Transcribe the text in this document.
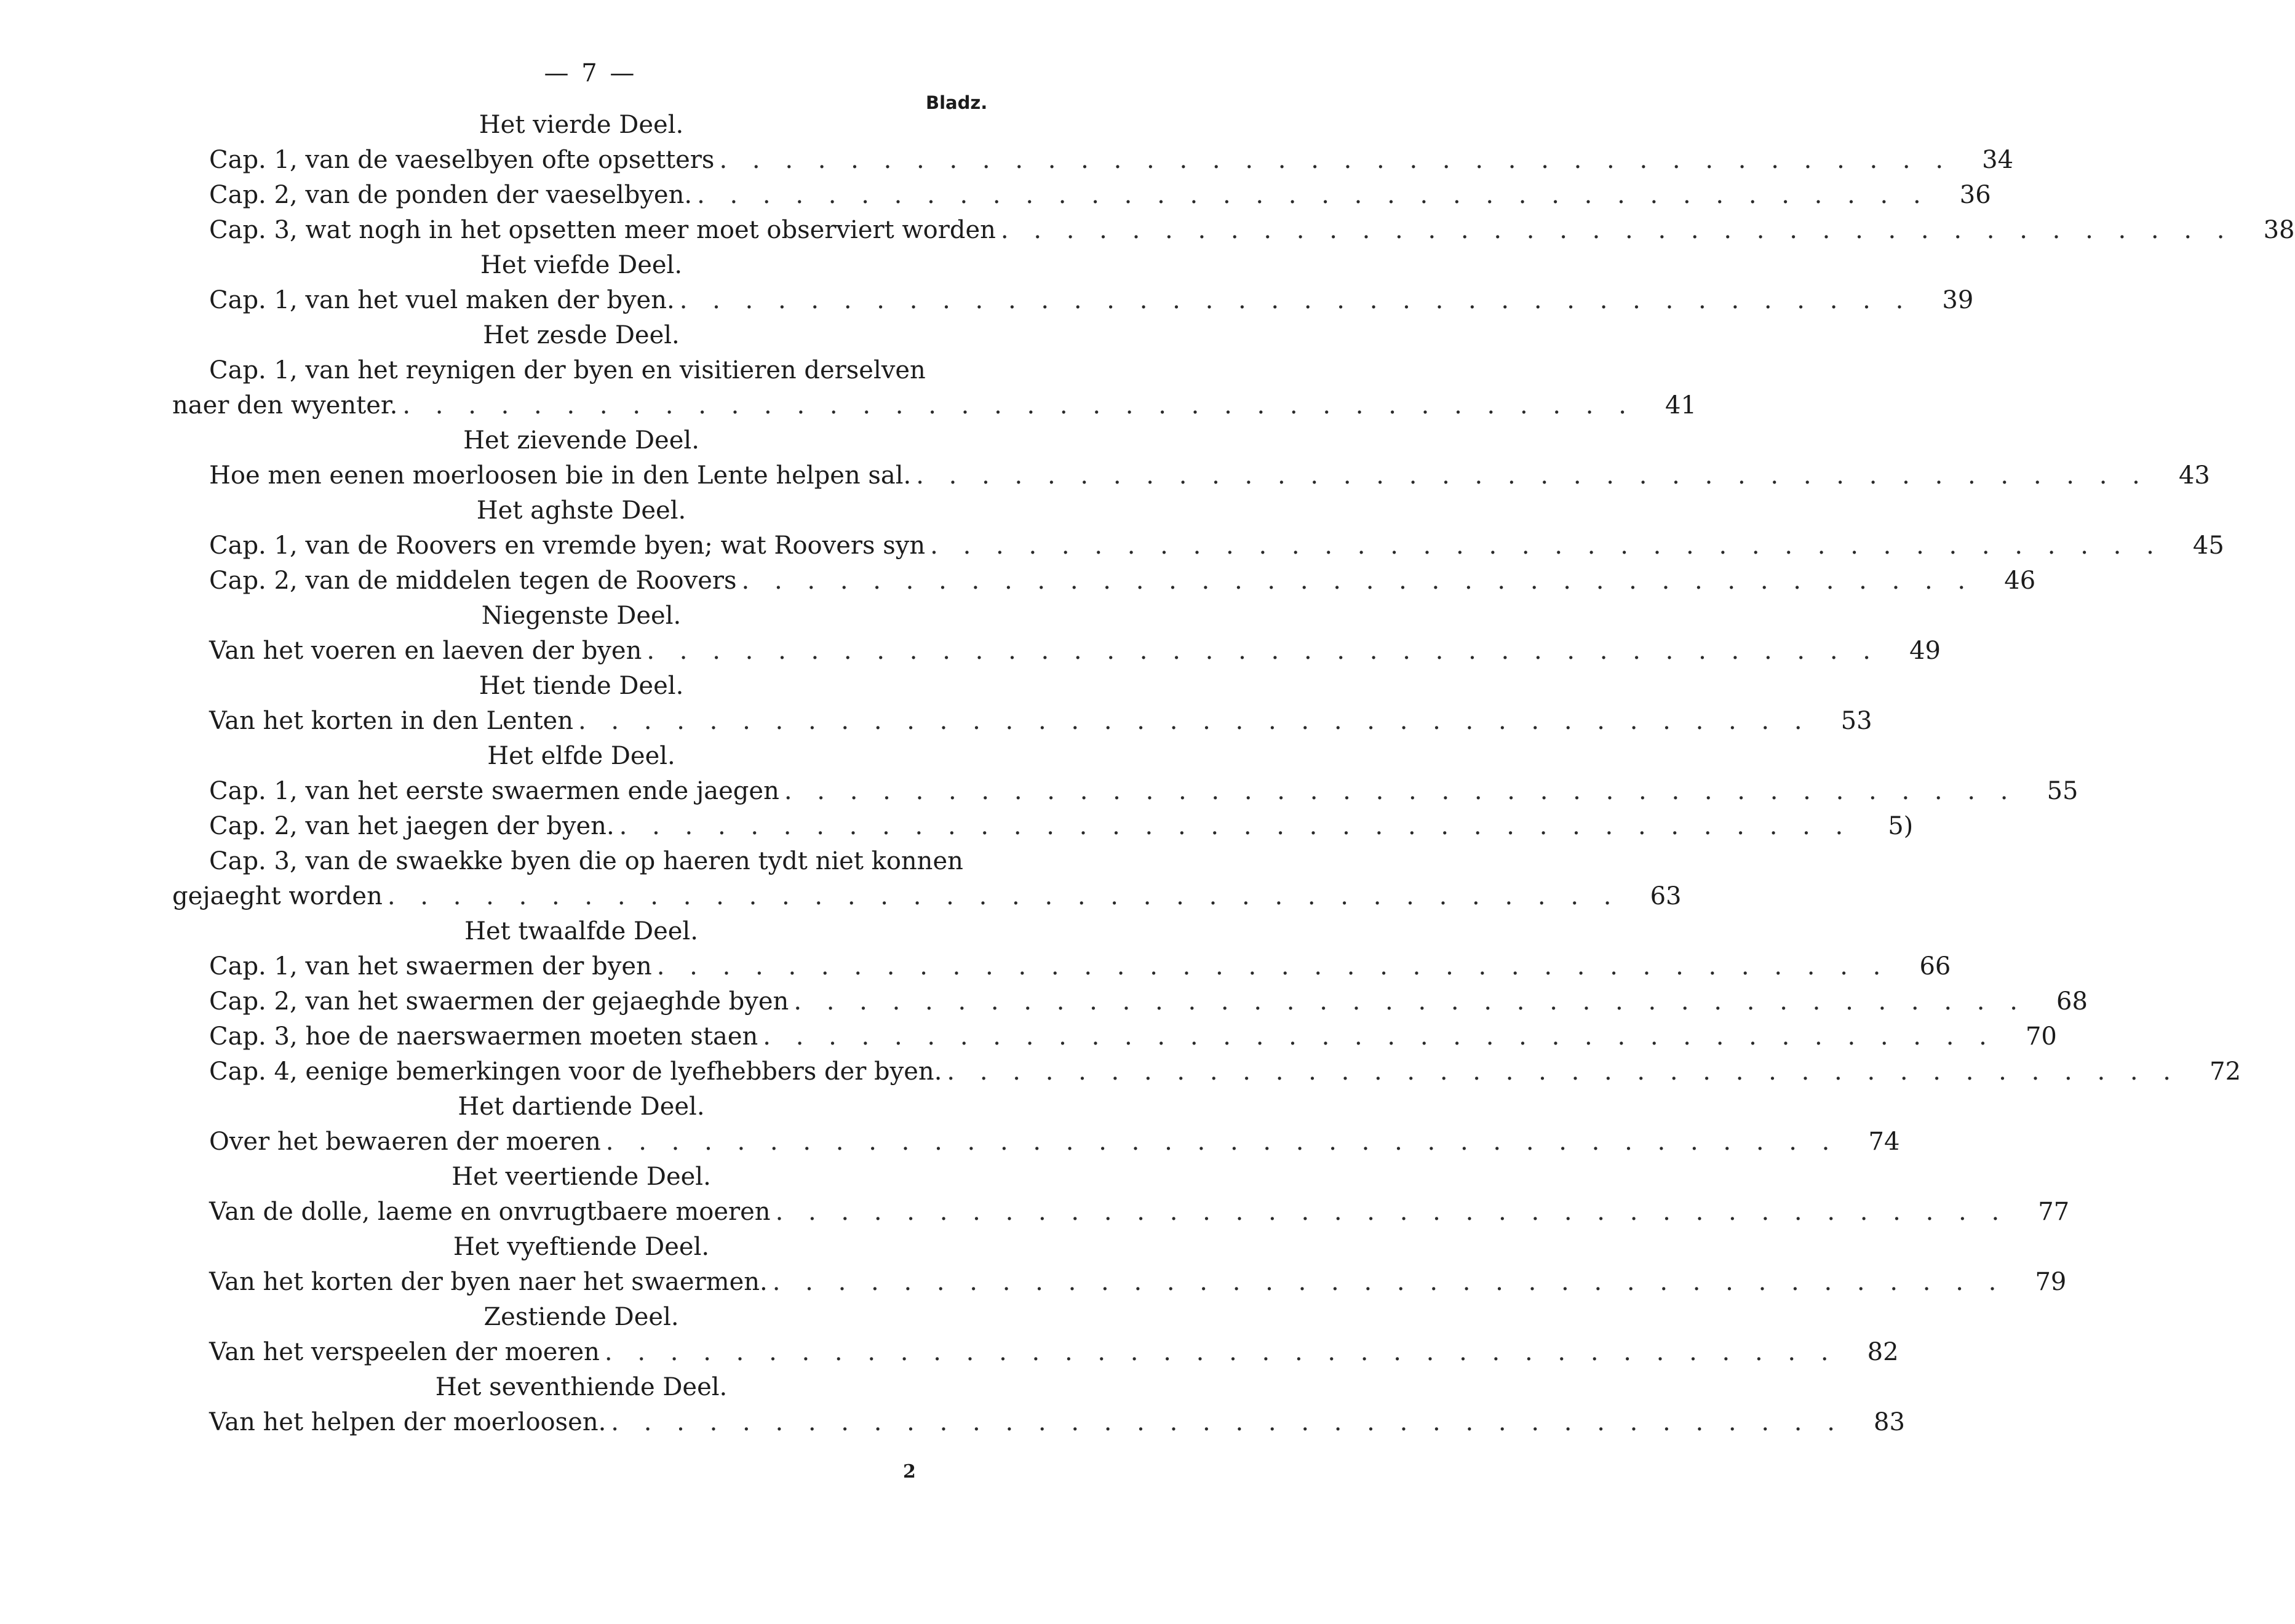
— 7 —
Bladz.
Het vierde Deel.
Cap. 1, van de vaeselbyen ofte opsetters . . . . . . . . . . . . . . . . . . . . . . . . . . . . . . . . . . . . . .	34
Cap. 2, van de ponden der vaeselbyen. . . . . . . . . . . . . . . . . . . . . . . . . . . . . . . . . . . . . . .	36
Cap. 3, wat nogh in het opsetten meer moet observiert worden . . . . . . . . . . . . . . . . . . . . . . . . . . . . . . . . . . . . . .	38
Het viefde Deel.
Cap. 1, van het vuel maken der byen. . . . . . . . . . . . . . . . . . . . . . . . . . . . . . . . . . . . . . .	39
Het zesde Deel.
Cap. 1, van het reynigen der byen en visitieren derselven
naer den wyenter. . . . . . . . . . . . . . . . . . . . . . . . . . . . . . . . . . . . . . .	41
Het zievende Deel.
Hoe men eenen moerloosen bie in den Lente helpen sal. . . . . . . . . . . . . . . . . . . . . . . . . . . . . . . . . . . . . . .	43
Het aghste Deel.
Cap. 1, van de Roovers en vremde byen; wat Roovers syn . . . . . . . . . . . . . . . . . . . . . . . . . . . . . . . . . . . . . .	45
Cap. 2, van de middelen tegen de Roovers . . . . . . . . . . . . . . . . . . . . . . . . . . . . . . . . . . . . . .	46
Niegenste Deel.
Van het voeren en laeven der byen . . . . . . . . . . . . . . . . . . . . . . . . . . . . . . . . . . . . . .	49
Het tiende Deel.
Van het korten in den Lenten . . . . . . . . . . . . . . . . . . . . . . . . . . . . . . . . . . . . . .	53
Het elfde Deel.
Cap. 1, van het eerste swaermen ende jaegen . . . . . . . . . . . . . . . . . . . . . . . . . . . . . . . . . . . . . .	55
Cap. 2, van het jaegen der byen. . . . . . . . . . . . . . . . . . . . . . . . . . . . . . . . . . . . . . .	5)
Cap. 3, van de swaekke byen die op haeren tydt niet konnen
gejaeght worden . . . . . . . . . . . . . . . . . . . . . . . . . . . . . . . . . . . . . .	63
Het twaalfde Deel.
Cap. 1, van het swaermen der byen . . . . . . . . . . . . . . . . . . . . . . . . . . . . . . . . . . . . . .	66
Cap. 2, van het swaermen der gejaeghde byen . . . . . . . . . . . . . . . . . . . . . . . . . . . . . . . . . . . . . .	68
Cap. 3, hoe de naerswaermen moeten staen . . . . . . . . . . . . . . . . . . . . . . . . . . . . . . . . . . . . . .	70
Cap. 4, eenige bemerkingen voor de lyefhebbers der byen. . . . . . . . . . . . . . . . . . . . . . . . . . . . . . . . . . . . . . .	72
Het dartiende Deel.
Over het bewaeren der moeren . . . . . . . . . . . . . . . . . . . . . . . . . . . . . . . . . . . . . .	74
Het veertiende Deel.
Van de dolle, laeme en onvrugtbaere moeren . . . . . . . . . . . . . . . . . . . . . . . . . . . . . . . . . . . . . .	77
Het vyeftiende Deel.
Van het korten der byen naer het swaermen. . . . . . . . . . . . . . . . . . . . . . . . . . . . . . . . . . . . . . .	79
Zestiende Deel.
Van het verspeelen der moeren . . . . . . . . . . . . . . . . . . . . . . . . . . . . . . . . . . . . . .	82
Het seventhiende Deel.
Van het helpen der moerloosen. . . . . . . . . . . . . . . . . . . . . . . . . . . . . . . . . . . . . . .	83
2
